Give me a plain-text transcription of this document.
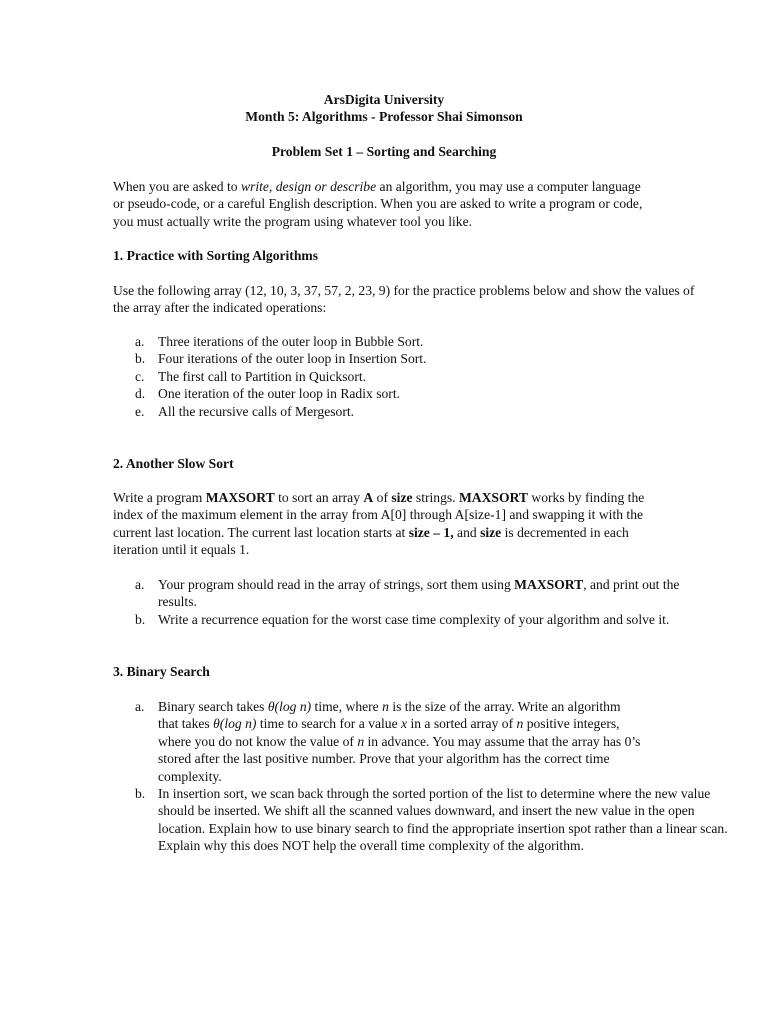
ArsDigita University
Month 5: Algorithms - Professor Shai Simonson
Problem Set 1 – Sorting and Searching

When you are asked to write, design or describe an algorithm, you may use a computer language or pseudo-code, or a careful English description. When you are asked to write a program or code, you must actually write the program using whatever tool you like.

1. Practice with Sorting Algorithms

Use the following array (12, 10, 3, 37, 57, 2, 23, 9) for the practice problems below and show the values of the array after the indicated operations:

a. Three iterations of the outer loop in Bubble Sort.
b. Four iterations of the outer loop in Insertion Sort.
c. The first call to Partition in Quicksort.
d. One iteration of the outer loop in Radix sort.
e. All the recursive calls of Mergesort.
2. Another Slow Sort

Write a program MAXSORT to sort an array A of size strings. MAXSORT works by finding the index of the maximum element in the array from A[0] through A[size-1] and swapping it with the current last location. The current last location starts at size – 1, and size is decremented in each iteration until it equals 1.

a. Your program should read in the array of strings, sort them using MAXSORT, and print out the results.
b. Write a recurrence equation for the worst case time complexity of your algorithm and solve it.
3. Binary Search
a. Binary search takes θ(log n) time, where n is the size of the array. Write an algorithm that takes θ(log n) time to search for a value x in a sorted array of n positive integers, where you do not know the value of n in advance. You may assume that the array has 0’s stored after the last positive number. Prove that your algorithm has the correct time complexity.
b. In insertion sort, we scan back through the sorted portion of the list to determine where the new value should be inserted. We shift all the scanned values downward, and insert the new value in the open location. Explain how to use binary search to find the appropriate insertion spot rather than a linear scan. Explain why this does NOT help the overall time complexity of the algorithm.
